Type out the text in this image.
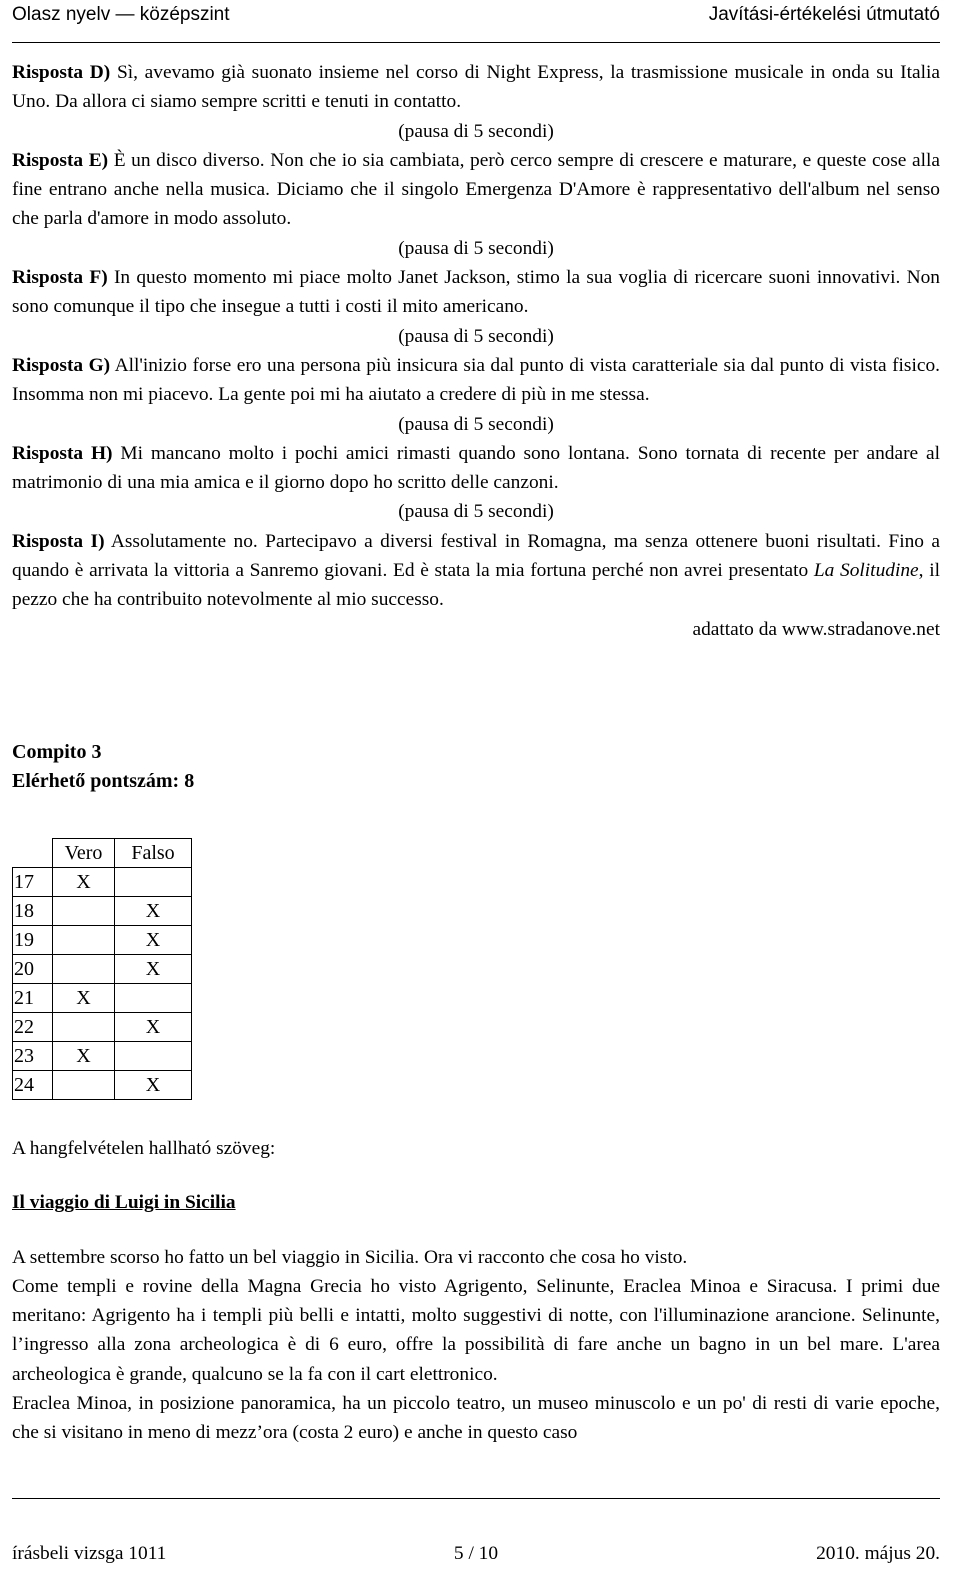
Olasz nyelv — középszint	Javítási-értékelési útmutató

Risposta D) Sì, avevamo già suonato insieme nel corso di Night Express, la trasmissione musicale in onda su Italia Uno. Da allora ci siamo sempre scritti e tenuti in contatto.

(pausa di 5 secondi)

Risposta E) È un disco diverso. Non che io sia cambiata, però cerco sempre di crescere e maturare, e queste cose alla fine entrano anche nella musica. Diciamo che il singolo Emergenza D'Amore è rappresentativo dell'album nel senso che parla d'amore in modo assoluto.

(pausa di 5 secondi)

Risposta F) In questo momento mi piace molto Janet Jackson, stimo la sua voglia di ricercare suoni innovativi. Non sono comunque il tipo che insegue a tutti i costi il mito americano.

(pausa di 5 secondi)

Risposta G) All'inizio forse ero una persona più insicura sia dal punto di vista caratteriale sia dal punto di vista fisico. Insomma non mi piacevo. La gente poi mi ha aiutato a credere di più in me stessa.

(pausa di 5 secondi)

Risposta H) Mi mancano molto i pochi amici rimasti quando sono lontana. Sono tornata di recente per andare al matrimonio di una mia amica e il giorno dopo ho scritto delle canzoni.

(pausa di 5 secondi)

Risposta I) Assolutamente no. Partecipavo a diversi festival in Romagna, ma senza ottenere buoni risultati. Fino a quando è arrivata la vittoria a Sanremo giovani. Ed è stata la mia fortuna perché non avrei presentato La Solitudine, il pezzo che ha contribuito notevolmente al mio successo.

adattato da www.stradanove.net

Compito 3
Elérhető pontszám: 8
	Vero	Falso
17	X	
18		X
19		X
20		X
21	X	
22		X
23	X	
24		X

A hangfelvételen hallható szöveg:

Il viaggio di Luigi in Sicilia

A settembre scorso ho fatto un bel viaggio in Sicilia. Ora vi racconto che cosa ho visto.

Come templi e rovine della Magna Grecia ho visto Agrigento, Selinunte, Eraclea Minoa e Siracusa. I primi due meritano: Agrigento ha i templi più belli e intatti, molto suggestivi di notte, con l'illuminazione arancione. Selinunte, l’ingresso alla zona archeologica è di 6 euro, offre la possibilità di fare anche un bagno in un bel mare. L'area archeologica è grande, qualcuno se la fa con il cart elettronico.

Eraclea Minoa, in posizione panoramica, ha un piccolo teatro, un museo minuscolo e un po' di resti di varie epoche, che si visitano in meno di mezz’ora (costa 2 euro) e anche in questo caso

írásbeli vizsga 1011	5 / 10	2010. május 20.
